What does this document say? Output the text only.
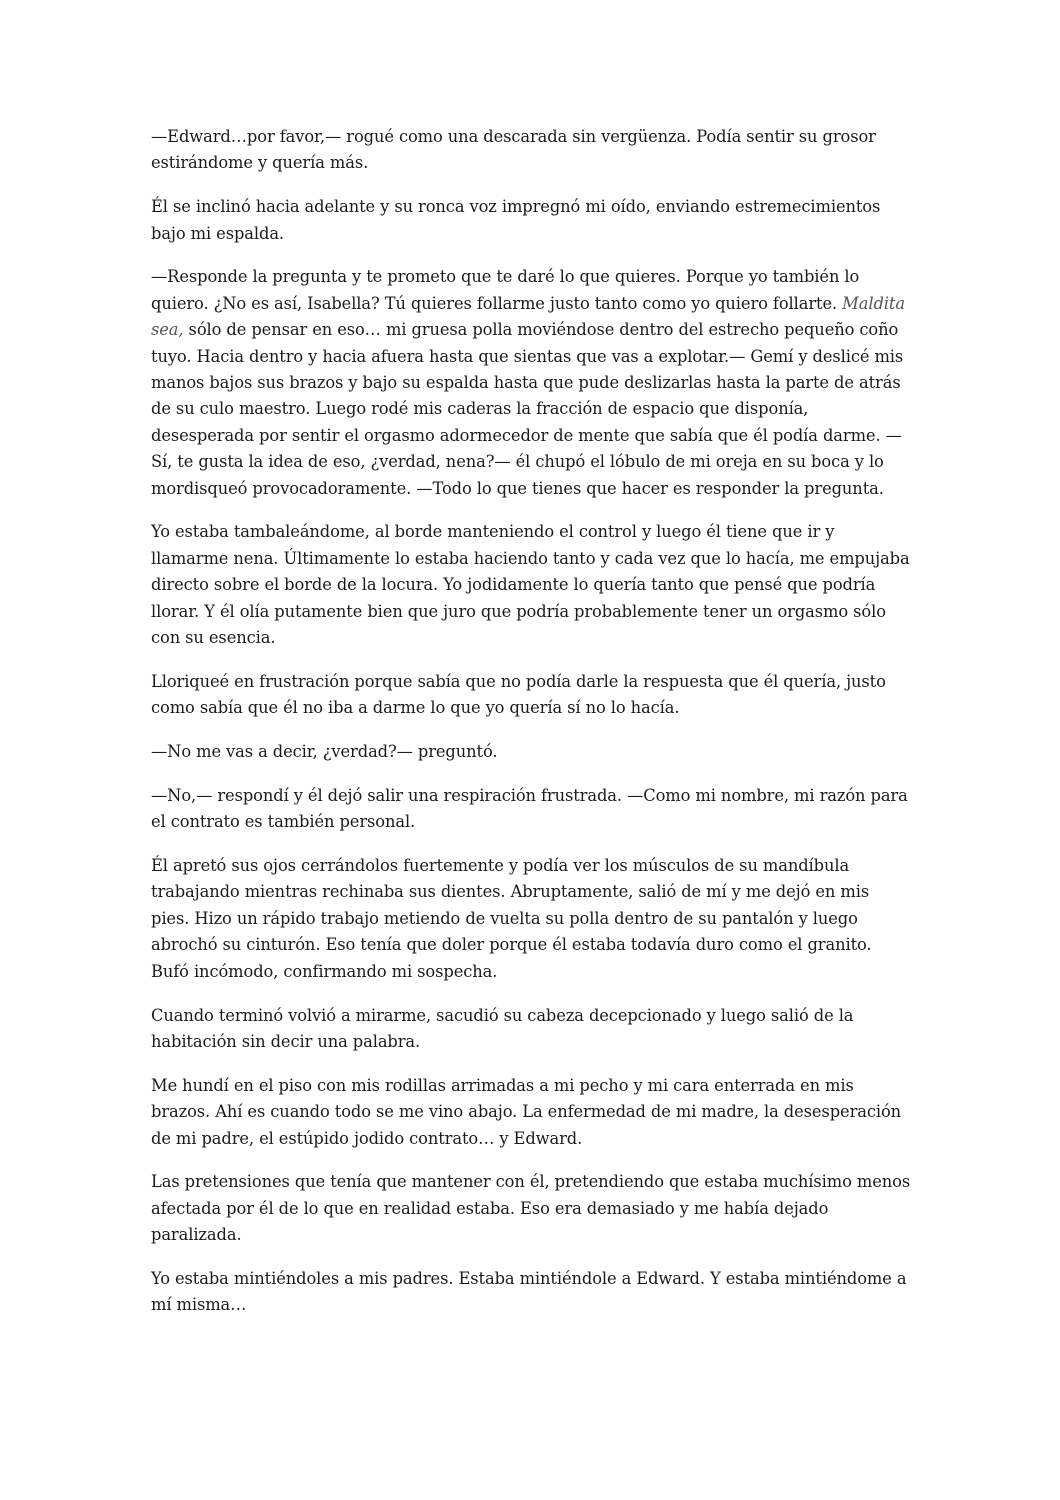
—Edward…por favor,— rogué como una descarada sin vergüenza. Podía sentir su grosor estirándome y quería más.

Él se inclinó hacia adelante y su ronca voz impregnó mi oído, enviando estremecimientos bajo mi espalda.

—Responde la pregunta y te prometo que te daré lo que quieres. Porque yo también lo quiero. ¿No es así, Isabella? Tú quieres follarme justo tanto como yo quiero follarte. Maldita sea, sólo de pensar en eso… mi gruesa polla moviéndose dentro del estrecho pequeño coño tuyo. Hacia dentro y hacia afuera hasta que sientas que vas a explotar.— Gemí y deslicé mis manos bajos sus brazos y bajo su espalda hasta que pude deslizarlas hasta la parte de atrás de su culo maestro. Luego rodé mis caderas la fracción de espacio que disponía, desesperada por sentir el orgasmo adormecedor de mente que sabía que él podía darme. —Sí, te gusta la idea de eso, ¿verdad, nena?— él chupó el lóbulo de mi oreja en su boca y lo mordisqueó provocadoramente. —Todo lo que tienes que hacer es responder la pregunta.

Yo estaba tambaleándome, al borde manteniendo el control y luego él tiene que ir y llamarme nena. Últimamente lo estaba haciendo tanto y cada vez que lo hacía, me empujaba directo sobre el borde de la locura. Yo jodidamente lo quería tanto que pensé que podría llorar. Y él olía putamente bien que juro que podría probablemente tener un orgasmo sólo con su esencia.

Lloriqueé en frustración porque sabía que no podía darle la respuesta que él quería, justo como sabía que él no iba a darme lo que yo quería sí no lo hacía.

—No me vas a decir, ¿verdad?— preguntó.

—No,— respondí y él dejó salir una respiración frustrada. —Como mi nombre, mi razón para el contrato es también personal.

Él apretó sus ojos cerrándolos fuertemente y podía ver los músculos de su mandíbula trabajando mientras rechinaba sus dientes. Abruptamente, salió de mí y me dejó en mis pies. Hizo un rápido trabajo metiendo de vuelta su polla dentro de su pantalón y luego abrochó su cinturón. Eso tenía que doler porque él estaba todavía duro como el granito. Bufó incómodo, confirmando mi sospecha.

Cuando terminó volvió a mirarme, sacudió su cabeza decepcionado y luego salió de la habitación sin decir una palabra.

Me hundí en el piso con mis rodillas arrimadas a mi pecho y mi cara enterrada en mis brazos. Ahí es cuando todo se me vino abajo. La enfermedad de mi madre, la desesperación de mi padre, el estúpido jodido contrato… y Edward.

Las pretensiones que tenía que mantener con él, pretendiendo que estaba muchísimo menos afectada por él de lo que en realidad estaba. Eso era demasiado y me había dejado paralizada.

Yo estaba mintiéndoles a mis padres. Estaba mintiéndole a Edward. Y estaba mintiéndome a mí misma…
